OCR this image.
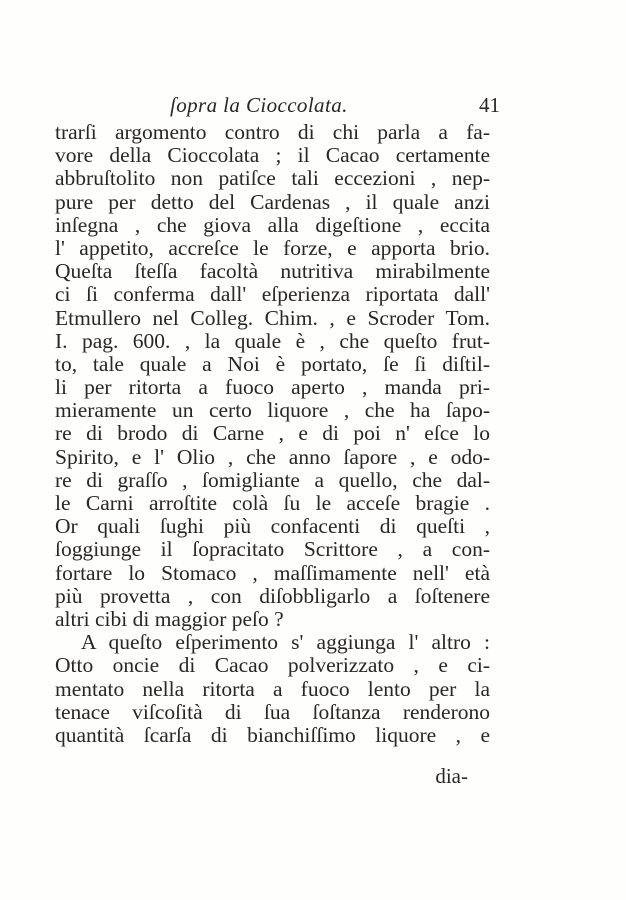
ſopra la Cioccolata.	41
trarſi argomento contro di chi parla a fa-
vore della Cioccolata ; il Cacao certamente
abbruſtolito non patiſce tali eccezioni , nep-
pure per detto del Cardenas , il quale anzi
inſegna , che giova alla digeſtione , eccita
l' appetito, accreſce le forze, e apporta brio.
Queſta ſteſſa facoltà nutritiva mirabilmente
ci ſi conferma dall' eſperienza riportata dall'
Etmullero nel Colleg. Chim. , e Scroder Tom.
I. pag. 600. , la quale è , che queſto frut-
to, tale quale a Noi è portato, ſe ſi diſtil-
li per ritorta a fuoco aperto , manda pri-
mieramente un certo liquore , che ha ſapo-
re di brodo di Carne , e di poi n' eſce lo
Spirito, e l' Olio , che anno ſapore , e odo-
re di graſſo , ſomigliante a quello, che dal-
le Carni arroſtite colà ſu le acceſe bragie .
Or quali ſughi più confacenti di queſti ,
ſoggiunge il ſopracitato Scrittore , a con-
fortare lo Stomaco , maſſimamente nell' età
più provetta , con diſobbligarlo a ſoſtenere
altri cibi di maggior peſo ?
A queſto eſperimento s' aggiunga l' altro :
Otto oncie di Cacao polverizzato , e ci-
mentato nella ritorta a fuoco lento per la
tenace viſcoſità di ſua ſoſtanza renderono
quantità ſcarſa di bianchiſſimo liquore , e
dia-
